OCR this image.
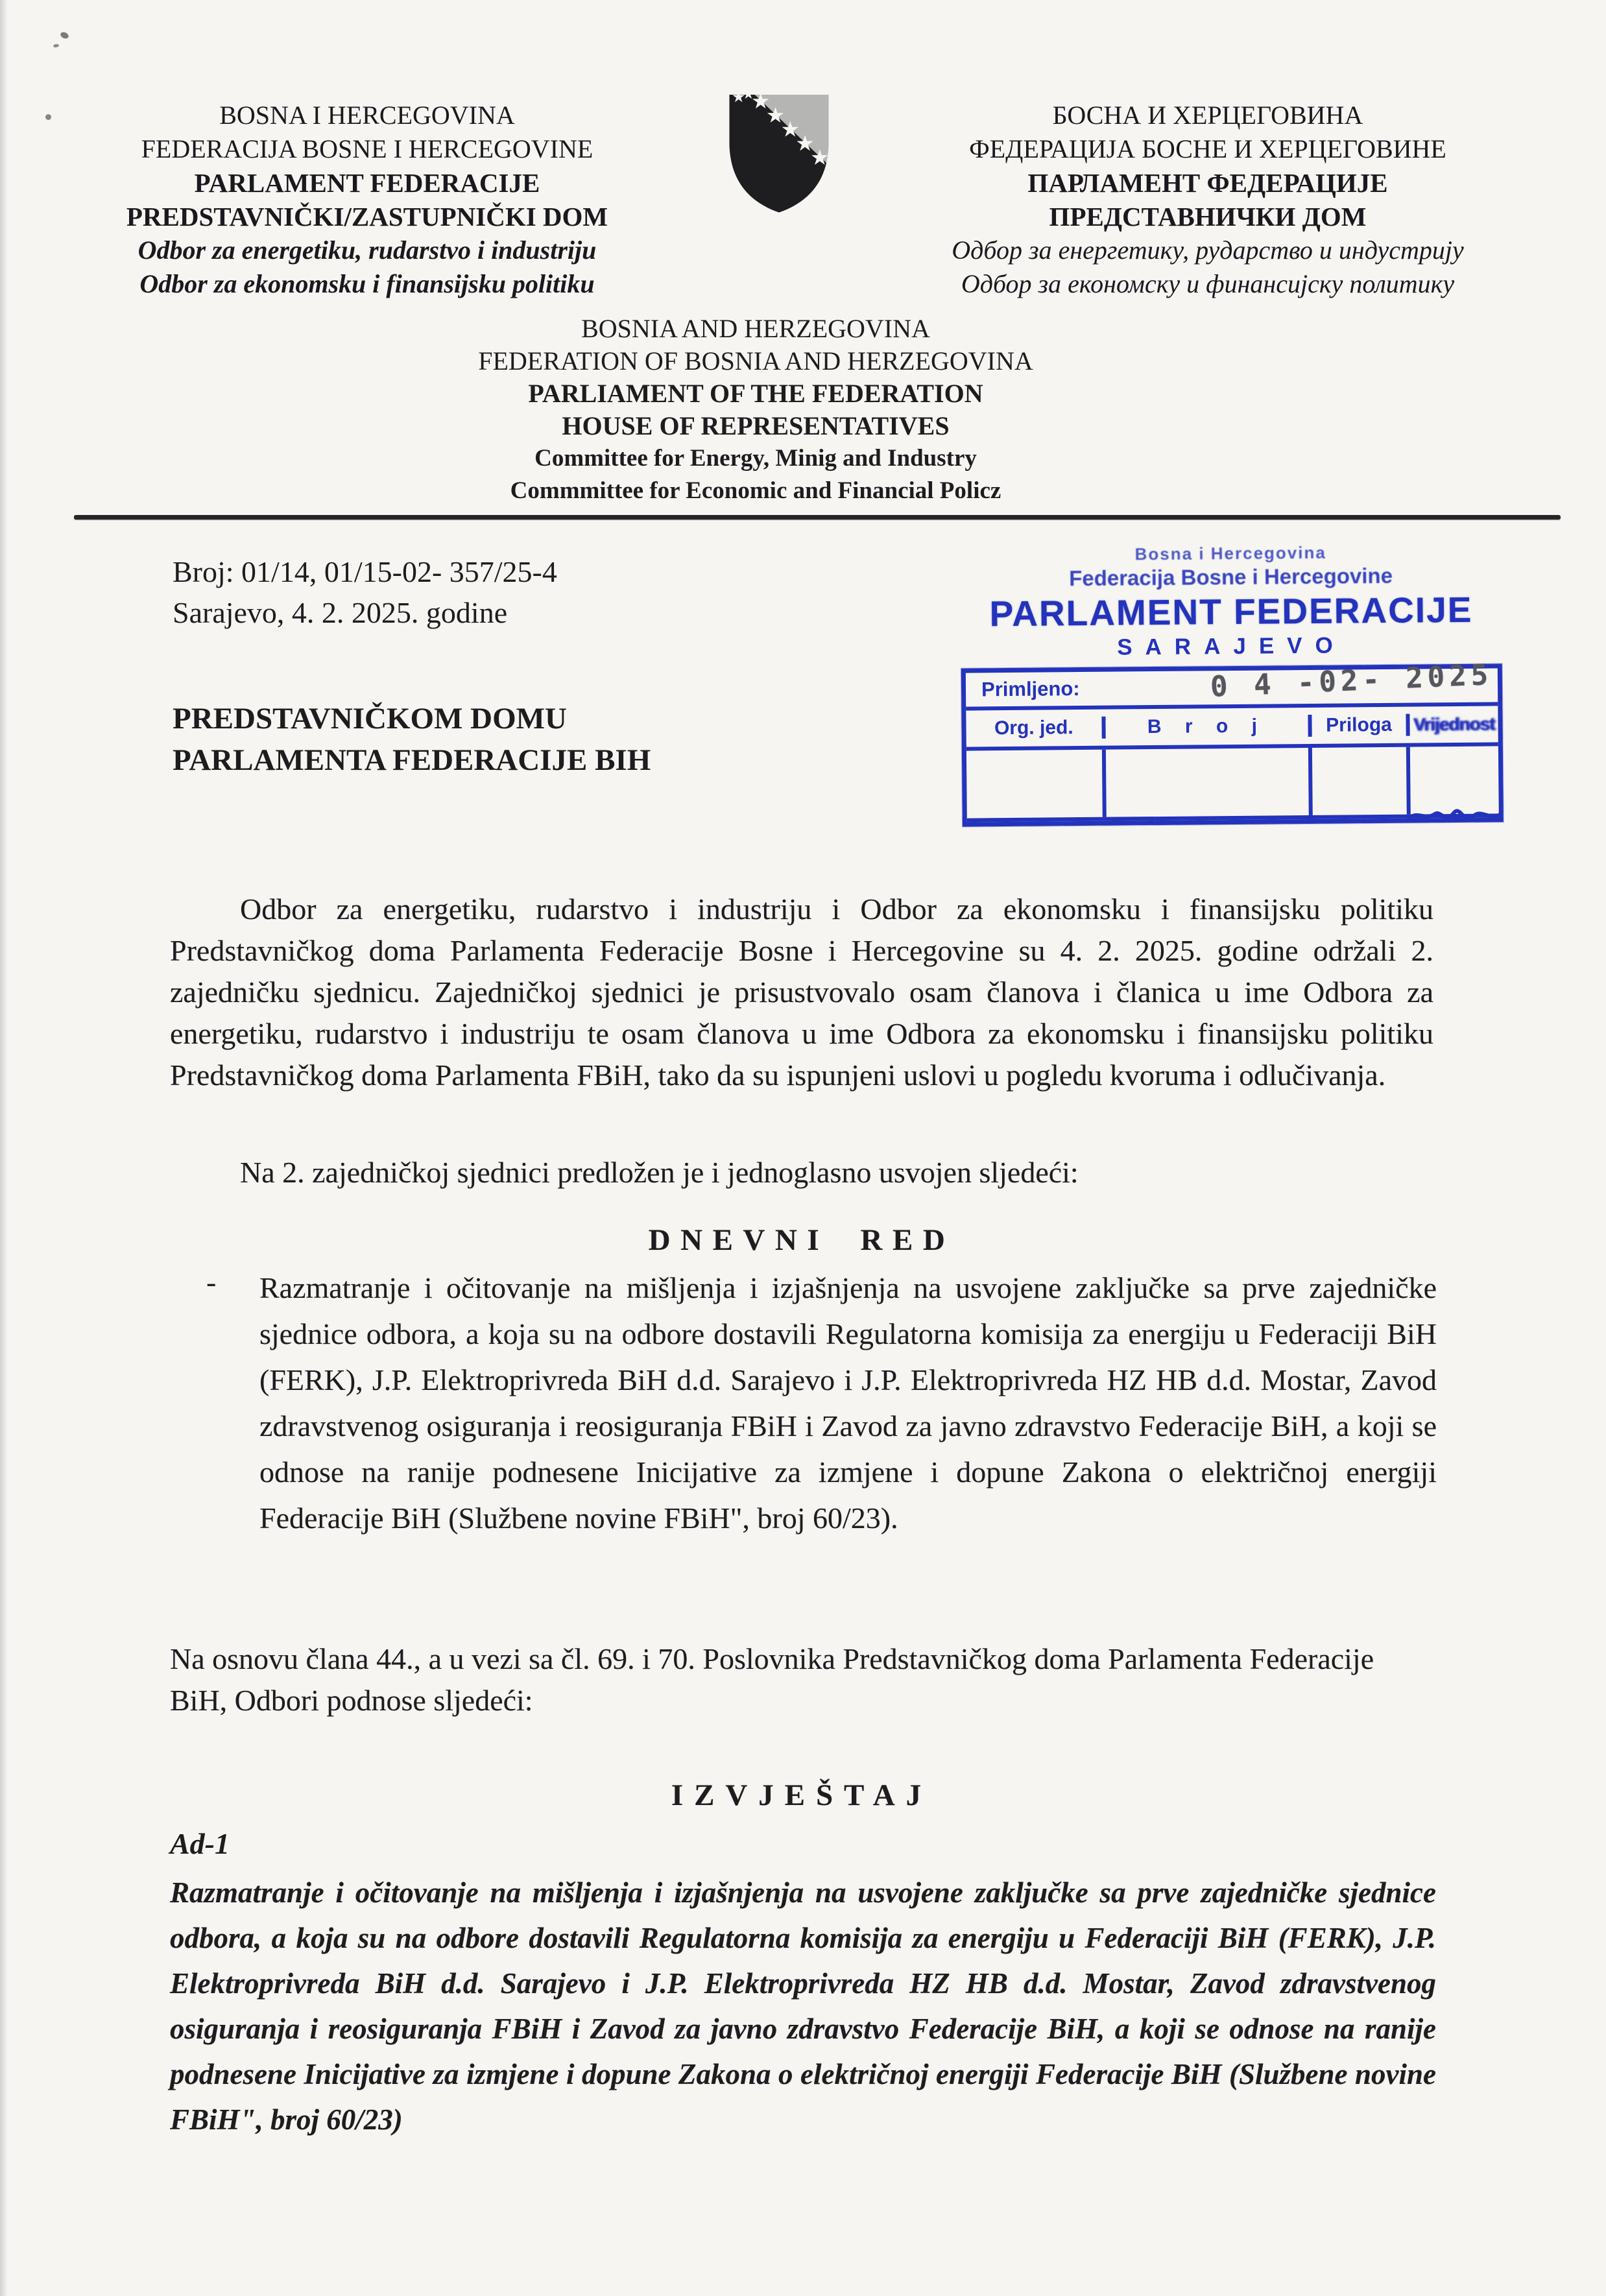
BOSNA I HERCEGOVINA
FEDERACIJA BOSNE I HERCEGOVINE
PARLAMENT FEDERACIJE
PREDSTAVNIČKI/ZASTUPNIČKI DOM
Odbor za energetiku, rudarstvo i industriju
Odbor za ekonomsku i finansijsku politiku
БОСНА И ХЕРЦЕГОВИНА
ФЕДЕРАЦИЈА БОСНЕ И ХЕРЦЕГОВИНЕ
ПАРЛАМЕНТ ФЕДЕРАЦИЈЕ
ПРЕДСТАВНИЧКИ ДОМ
Одбор за енергетику, рударство и индустрију
Одбор за економску и финансијску политику
BOSNIA AND HERZEGOVINA
FEDERATION OF BOSNIA AND HERZEGOVINA
PARLIAMENT OF THE FEDERATION
HOUSE OF REPRESENTATIVES
Committee for Energy, Minig and Industry
Commmittee for Economic and Financial Policz
Broj: 01/14, 01/15-02- 357/25-4
Sarajevo, 4. 2. 2025. godine
Bosna i Hercegovina
Federacija Bosne i Hercegovine
PARLAMENT FEDERACIJE
SARAJEVO
Primljeno:	0 4 -02- 2025
Org. jed.	B r o j	Priloga	Vrijednost
PREDSTAVNIČKOM DOMU
PARLAMENTA FEDERACIJE BIH

Odbor za energetiku, rudarstvo i industriju i Odbor za ekonomsku i finansijsku politiku Predstavničkog doma Parlamenta Federacije Bosne i Hercegovine su 4. 2. 2025. godine održali 2. zajedničku sjednicu. Zajedničkoj sjednici je prisustvovalo osam članova i članica u ime Odbora za energetiku, rudarstvo i industriju te osam članova u ime Odbora za ekonomsku i finansijsku politiku Predstavničkog doma Parlamenta FBiH, tako da su ispunjeni uslovi u pogledu kvoruma i odlučivanja.

Na 2. zajedničkoj sjednici predložen je i jednoglasno usvojen sljedeći:

DNEVNI RED
- Razmatranje i očitovanje na mišljenja i izjašnjenja na usvojene zaključke sa prve zajedničke sjednice odbora, a koja su na odbore dostavili Regulatorna komisija za energiju u Federaciji BiH (FERK), J.P. Elektroprivreda BiH d.d. Sarajevo i J.P. Elektroprivreda HZ HB d.d. Mostar, Zavod zdravstvenog osiguranja i reosiguranja FBiH i Zavod za javno zdravstvo Federacije BiH, a koji se odnose na ranije podnesene Inicijative za izmjene i dopune Zakona o električnoj energiji Federacije BiH (Službene novine FBiH", broj 60/23).

Na osnovu člana 44., a u vezi sa čl. 69. i 70. Poslovnika Predstavničkog doma Parlamenta Federacije BiH, Odbori podnose sljedeći:

IZVJEŠTAJ

Ad-1

Razmatranje i očitovanje na mišljenja i izjašnjenja na usvojene zaključke sa prve zajedničke sjednice odbora, a koja su na odbore dostavili Regulatorna komisija za energiju u Federaciji BiH (FERK), J.P. Elektroprivreda BiH d.d. Sarajevo i J.P. Elektroprivreda HZ HB d.d. Mostar, Zavod zdravstvenog osiguranja i reosiguranja FBiH i Zavod za javno zdravstvo Federacije BiH, a koji se odnose na ranije podnesene Inicijative za izmjene i dopune Zakona o električnoj energiji Federacije BiH (Službene novine FBiH", broj 60/23)
